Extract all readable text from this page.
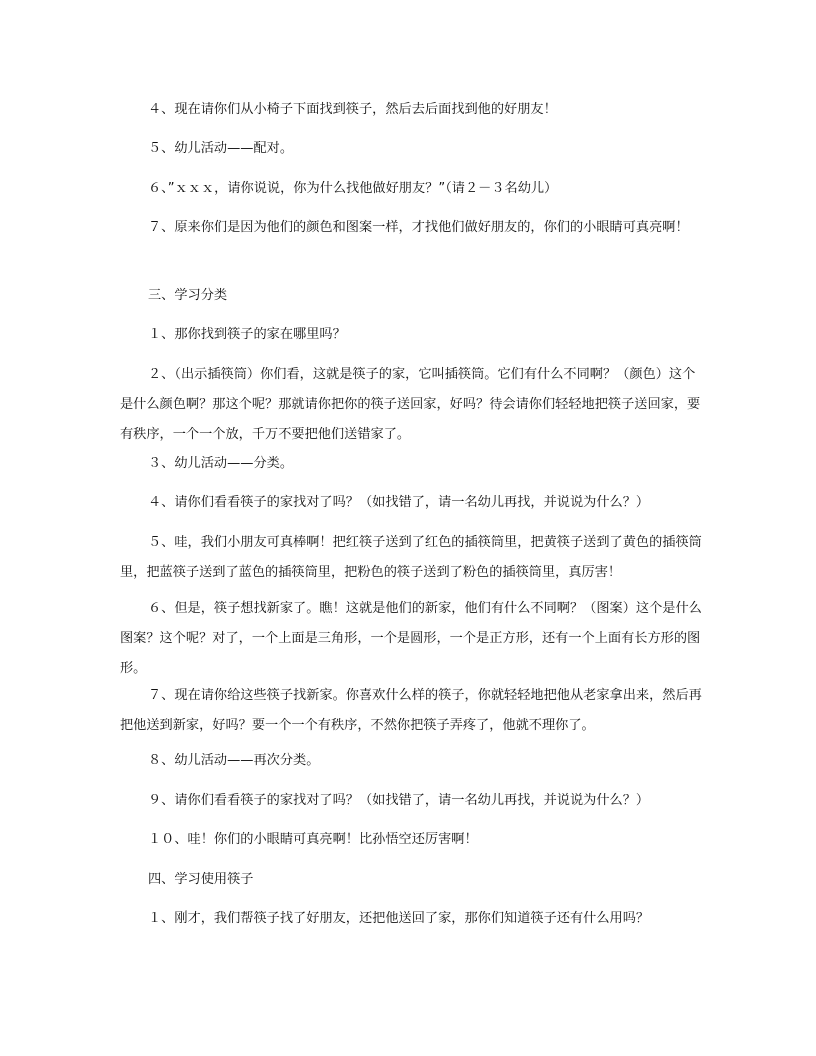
４、现在请你们从小椅子下面找到筷子，然后去后面找到他的好朋友！

５、幼儿活动——配对。

６、”ｘｘｘ，请你说说，你为什么找他做好朋友？”（请２－３名幼儿）

７、原来你们是因为他们的颜色和图案一样，才找他们做好朋友的，你们的小眼睛可真亮啊！

三、学习分类

１、那你找到筷子的家在哪里吗？

２、（出示插筷筒）你们看，这就是筷子的家，它叫插筷筒。它们有什么不同啊？（颜色）这个是什么颜色啊？那这个呢？那就请你把你的筷子送回家，好吗？待会请你们轻轻地把筷子送回家，要有秩序，一个一个放，千万不要把他们送错家了。

３、幼儿活动——分类。

４、请你们看看筷子的家找对了吗？（如找错了，请一名幼儿再找，并说说为什么？）

５、哇，我们小朋友可真棒啊！把红筷子送到了红色的插筷筒里，把黄筷子送到了黄色的插筷筒里，把蓝筷子送到了蓝色的插筷筒里，把粉色的筷子送到了粉色的插筷筒里，真厉害！

６、但是，筷子想找新家了。瞧！这就是他们的新家，他们有什么不同啊？（图案）这个是什么图案？这个呢？对了，一个上面是三角形，一个是圆形，一个是正方形，还有一个上面有长方形的图形。

７、现在请你给这些筷子找新家。你喜欢什么样的筷子，你就轻轻地把他从老家拿出来，然后再把他送到新家，好吗？要一个一个有秩序，不然你把筷子弄疼了，他就不理你了。

８、幼儿活动——再次分类。

９、请你们看看筷子的家找对了吗？（如找错了，请一名幼儿再找，并说说为什么？）

１０、哇！你们的小眼睛可真亮啊！比孙悟空还厉害啊！

四、学习使用筷子

１、刚才，我们帮筷子找了好朋友，还把他送回了家，那你们知道筷子还有什么用吗？
